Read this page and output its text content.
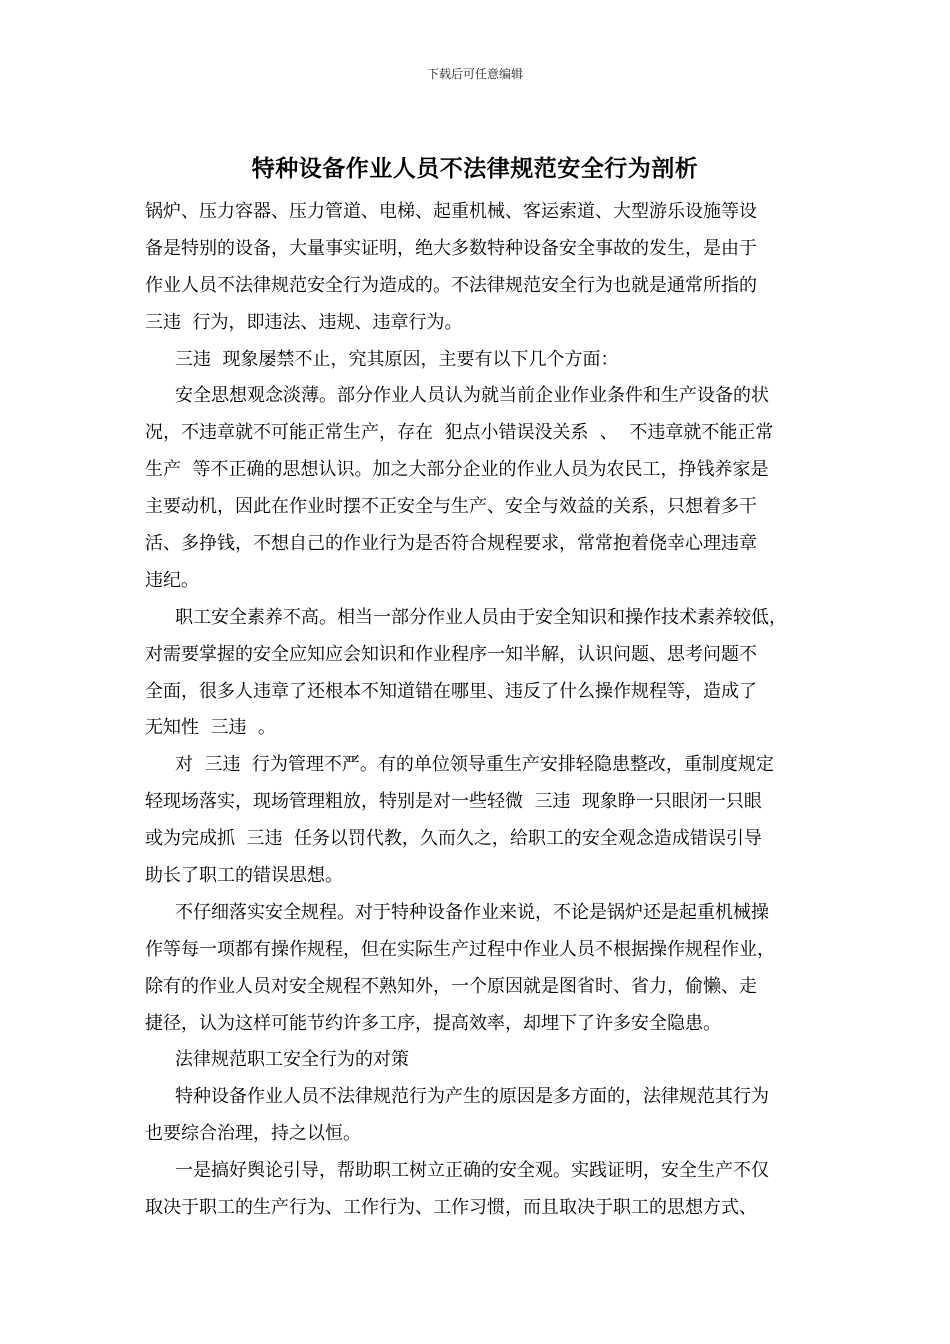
下载后可任意编辑
特种设备作业人员不法律规范安全行为剖析
锅炉、压力容器、压力管道、电梯、起重机械、客运索道、大型游乐设施等设
备是特别的设备，大量事实证明，绝大多数特种设备安全事故的发生，是由于
作业人员不法律规范安全行为造成的。不法律规范安全行为也就是通常所指的
三违  行为，即违法、违规、违章行为。
三违  现象屡禁不止，究其原因，主要有以下几个方面：
安全思想观念淡薄。部分作业人员认为就当前企业作业条件和生产设备的状
况，不违章就不可能正常生产，存在  犯点小错误没关系  、  不违章就不能正常
生产  等不正确的思想认识。加之大部分企业的作业人员为农民工，挣钱养家是
主要动机，因此在作业时摆不正安全与生产、安全与效益的关系，只想着多干
活、多挣钱，不想自己的作业行为是否符合规程要求，常常抱着侥幸心理违章
违纪。
职工安全素养不高。相当一部分作业人员由于安全知识和操作技术素养较低，
对需要掌握的安全应知应会知识和作业程序一知半解，认识问题、思考问题不
全面，很多人违章了还根本不知道错在哪里、违反了什么操作规程等，造成了
无知性  三违  。
对  三违  行为管理不严。有的单位领导重生产安排轻隐患整改，重制度规定
轻现场落实，现场管理粗放，特别是对一些轻微  三违  现象睁一只眼闭一只眼
或为完成抓  三违  任务以罚代教，久而久之，给职工的安全观念造成错误引导
助长了职工的错误思想。
不仔细落实安全规程。对于特种设备作业来说，不论是锅炉还是起重机械操
作等每一项都有操作规程，但在实际生产过程中作业人员不根据操作规程作业，
除有的作业人员对安全规程不熟知外，一个原因就是图省时、省力，偷懒、走
捷径，认为这样可能节约许多工序，提高效率，却埋下了许多安全隐患。
法律规范职工安全行为的对策
特种设备作业人员不法律规范行为产生的原因是多方面的，法律规范其行为
也要综合治理，持之以恒。
一是搞好舆论引导，帮助职工树立正确的安全观。实践证明，安全生产不仅
取决于职工的生产行为、工作行为、工作习惯，而且取决于职工的思想方式、
